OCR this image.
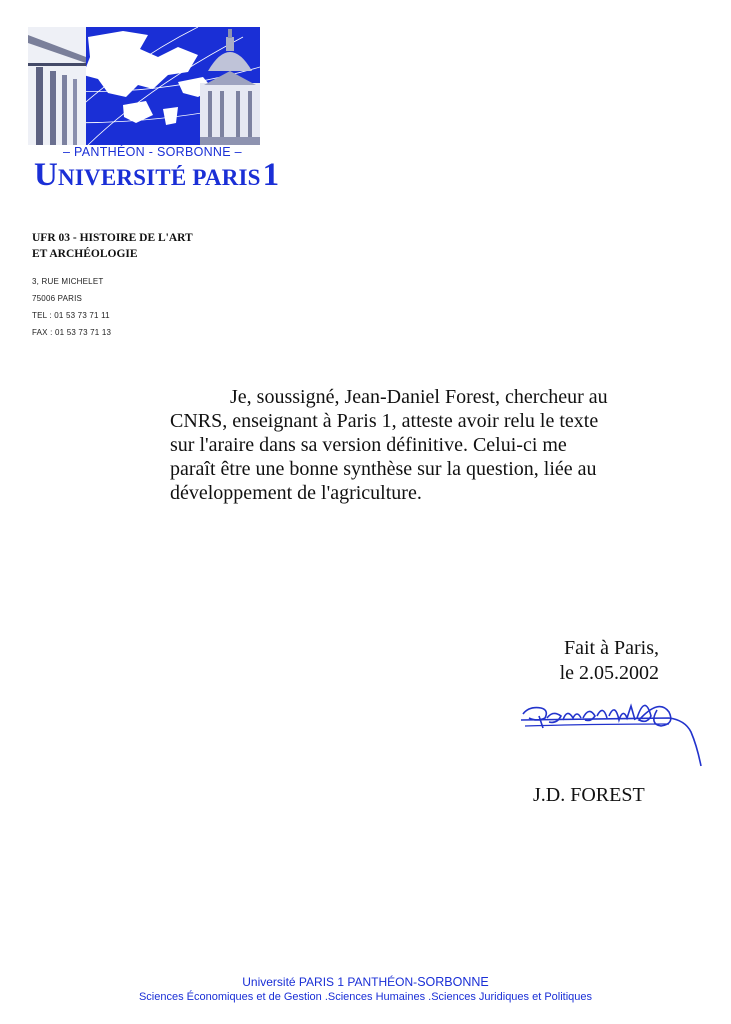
– PANTHÉON - SORBONNE –
UNIVERSITÉ PARIS1
UFR 03 - HISTOIRE DE L'ART
ET ARCHÉOLOGIE
3, RUE MICHELET
75006 PARIS
TEL : 01 53 73 71 11
FAX : 01 53 73 71 13
Je, soussigné, Jean-Daniel Forest, chercheur au
CNRS, enseignant à Paris 1, atteste avoir relu le texte
sur l'araire dans sa version définitive. Celui-ci me
paraît être une bonne synthèse sur la question, liée au
développement de l'agriculture.
Fait à Paris,
le 2.05.2002
J.D. FOREST
Université PARIS 1 PANTHÉON-SORBONNE
Sciences Économiques et de Gestion .Sciences Humaines .Sciences Juridiques et Politiques
